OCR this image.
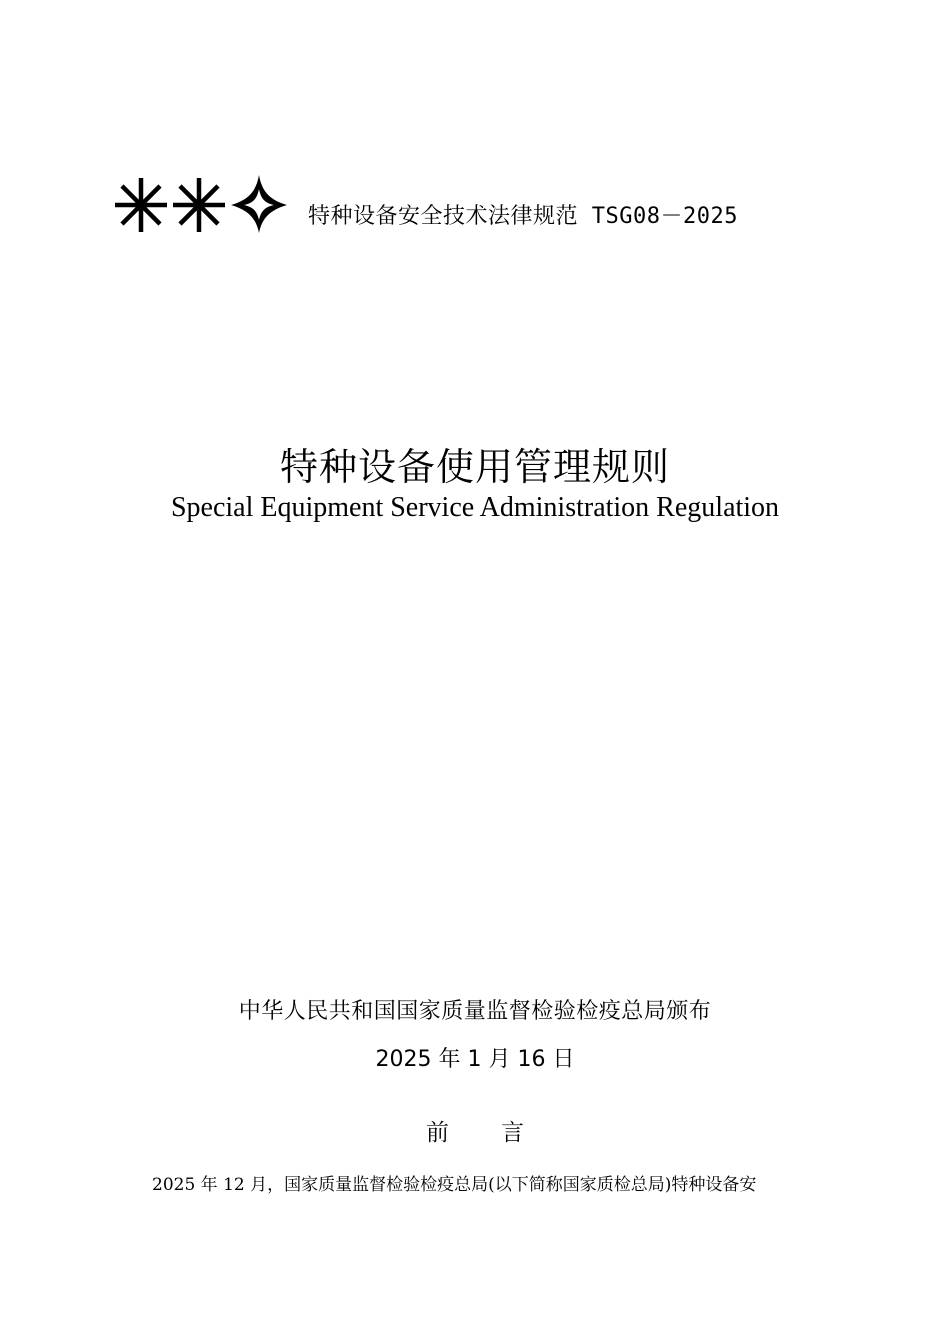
特种设备安全技术法律规范 TSG08－2025
特种设备使用管理规则
Special Equipment Service Administration Regulation
中华人民共和国国家质量监督检验检疫总局颁布
2025 年 1 月 16 日
前 言
2025 年 12 月，国家质量监督检验检疫总局(以下简称国家质检总局)特种设备安
